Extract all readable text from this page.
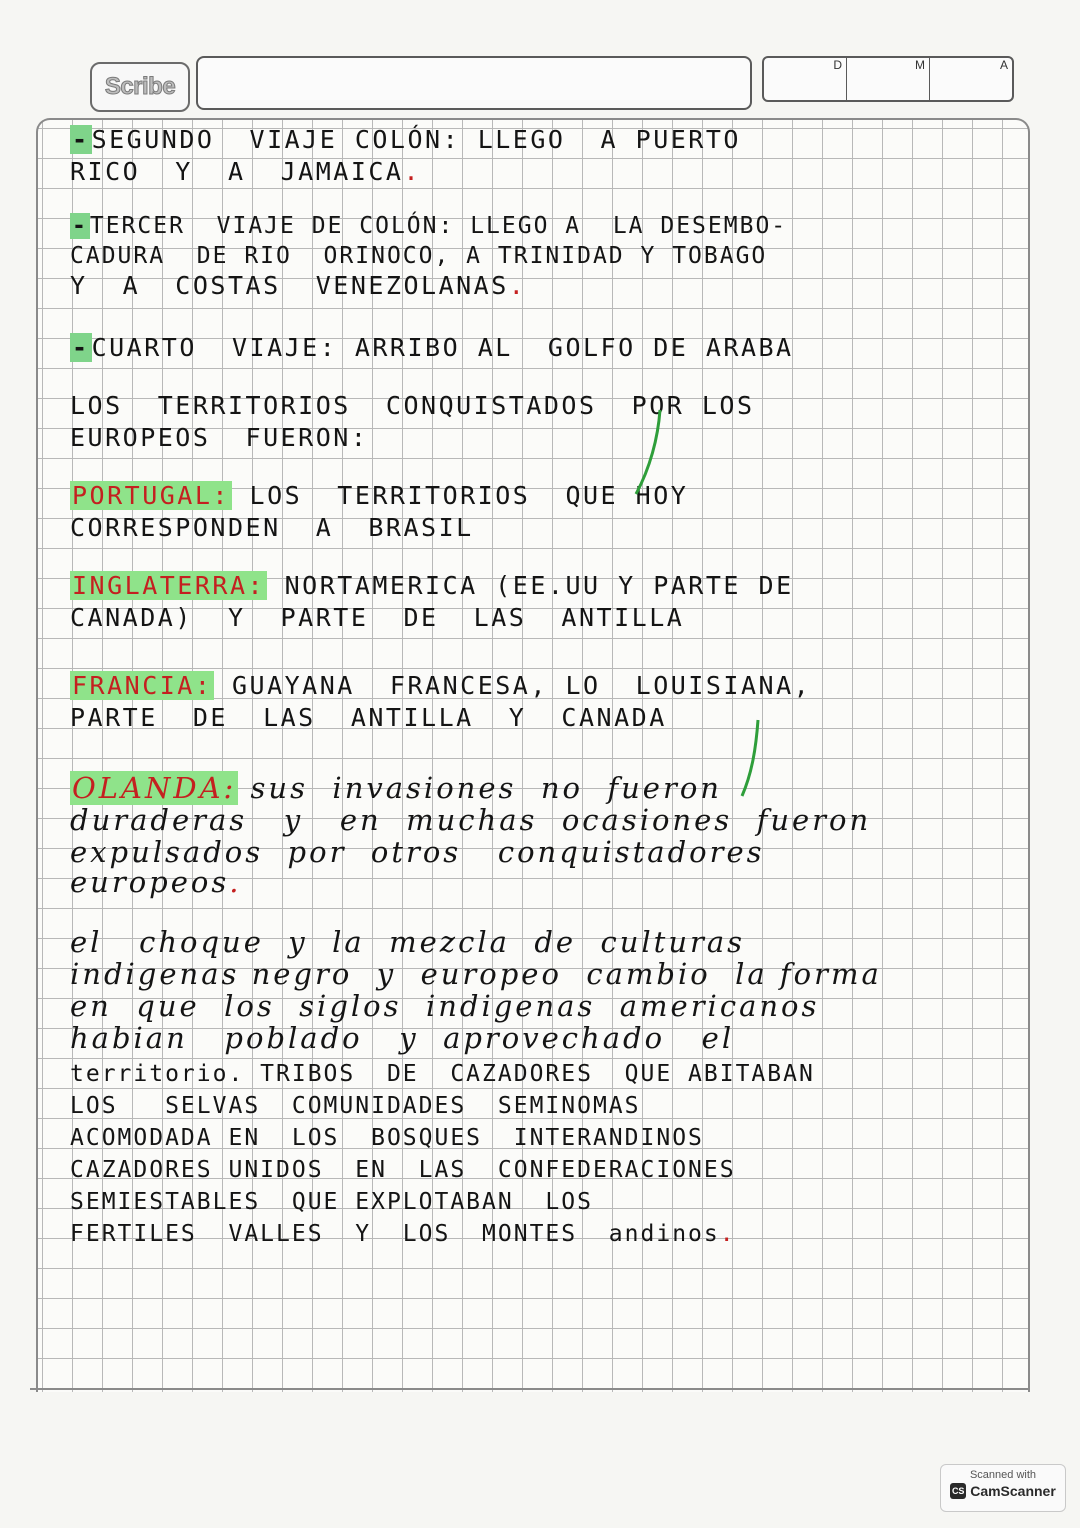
Scribe
D	M	A
-SEGUNDO  VIAJE COLÓN: LLEGO  A PUERTO
RICO  Y  A  JAMAICA.
-TERCER  VIAJE DE COLÓN: LLEGO A  LA DESEMBO-
CADURA  DE RIO  ORINOCO, A TRINIDAD Y TOBAGO
Y  A  COSTAS  VENEZOLANAS.
-CUARTO  VIAJE: ARRIBO AL  GOLFO DE ARABA
LOS  TERRITORIOS  CONQUISTADOS  POR LOS
EUROPEOS  FUERON:
PORTUGAL: LOS  TERRITORIOS  QUE HOY
CORRESPONDEN  A  BRASIL
INGLATERRA: NORTAMERICA (EE.UU Y PARTE DE
CANADA)  Y  PARTE  DE  LAS  ANTILLA
FRANCIA: GUAYANA  FRANCESA, LO  LOUISIANA,
PARTE  DE  LAS  ANTILLA  Y  CANADA
OLANDA: sus  invasiones  no  fueron
duraderas   y   en  muchas  ocasiones  fueron
expulsados  por  otros   conquistadores
europeos.
el   choque  y  la  mezcla  de  culturas
indigenas negro  y  europeo  cambio  la forma
en  que  los  siglos  indigenas  americanos
habian   poblado   y  aprovechado   el
territorio. TRIBOS  DE  CAZADORES  QUE ABITABAN
LOS   SELVAS  COMUNIDADES  SEMINOMAS
ACOMODADA EN  LOS  BOSQUES  INTERANDINOS
CAZADORES UNIDOS  EN  LAS  CONFEDERACIONES
SEMIESTABLES  QUE EXPLOTABAN  LOS
FERTILES  VALLES  Y  LOS  MONTES  andinos.
Scanned with
CS CamScanner
